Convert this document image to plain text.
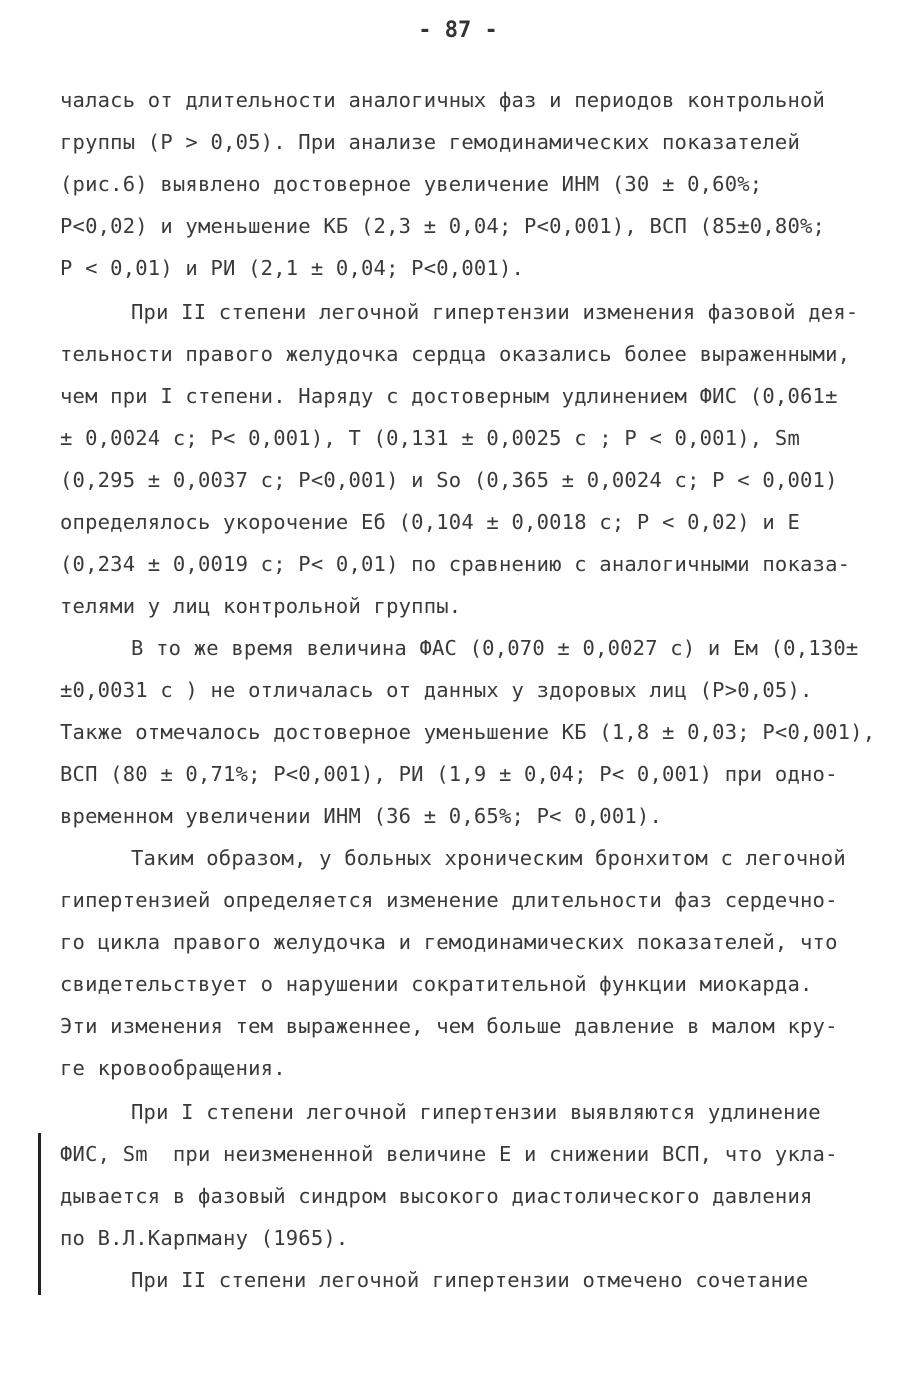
- 87 -
чалась от длительности аналогичных фаз и периодов контрольной
группы (Р > 0,05). При анализе гемодинамических показателей
(рис.6) выявлено достоверное увеличение ИНМ (30 ± 0,60%;
Р<0,02) и уменьшение КБ (2,3 ± 0,04; Р<0,001), ВСП (85±0,80%;
Р < 0,01) и РИ (2,1 ± 0,04; Р<0,001).
При II степени легочной гипертензии изменения фазовой дея-
тельности правого желудочка сердца оказались более выраженными,
чем при I степени. Наряду с достоверным удлинением ФИС (0,061±
± 0,0024 с; Р< 0,001), Т (0,131 ± 0,0025 с ; Р < 0,001), Sm
(0,295 ± 0,0037 с; Р<0,001) и So (0,365 ± 0,0024 с; Р < 0,001)
определялось укорочение Еб (0,104 ± 0,0018 с; Р < 0,02) и Е
(0,234 ± 0,0019 с; Р< 0,01) по сравнению с аналогичными показа-
телями у лиц контрольной группы.
В то же время величина ФАС (0,070 ± 0,0027 с) и Ем (0,130±
±0,0031 с ) не отличалась от данных у здоровых лиц (Р>0,05).
Также отмечалось достоверное уменьшение КБ (1,8 ± 0,03; Р<0,001),
ВСП (80 ± 0,71%; Р<0,001), РИ (1,9 ± 0,04; Р< 0,001) при одно-
временном увеличении ИНМ (36 ± 0,65%; Р< 0,001).
Таким образом, у больных хроническим бронхитом с легочной
гипертензией определяется изменение длительности фаз сердечно-
го цикла правого желудочка и гемодинамических показателей, что
свидетельствует о нарушении сократительной функции миокарда.
Эти изменения тем выраженнее, чем больше давление в малом кру-
ге кровообращения.
При I степени легочной гипертензии выявляются удлинение
ФИС, Sm  при неизмененной величине Е и снижении ВСП, что укла-
дывается в фазовый синдром высокого диастолического давления
по В.Л.Карпману (1965).
При II степени легочной гипертензии отмечено сочетание
